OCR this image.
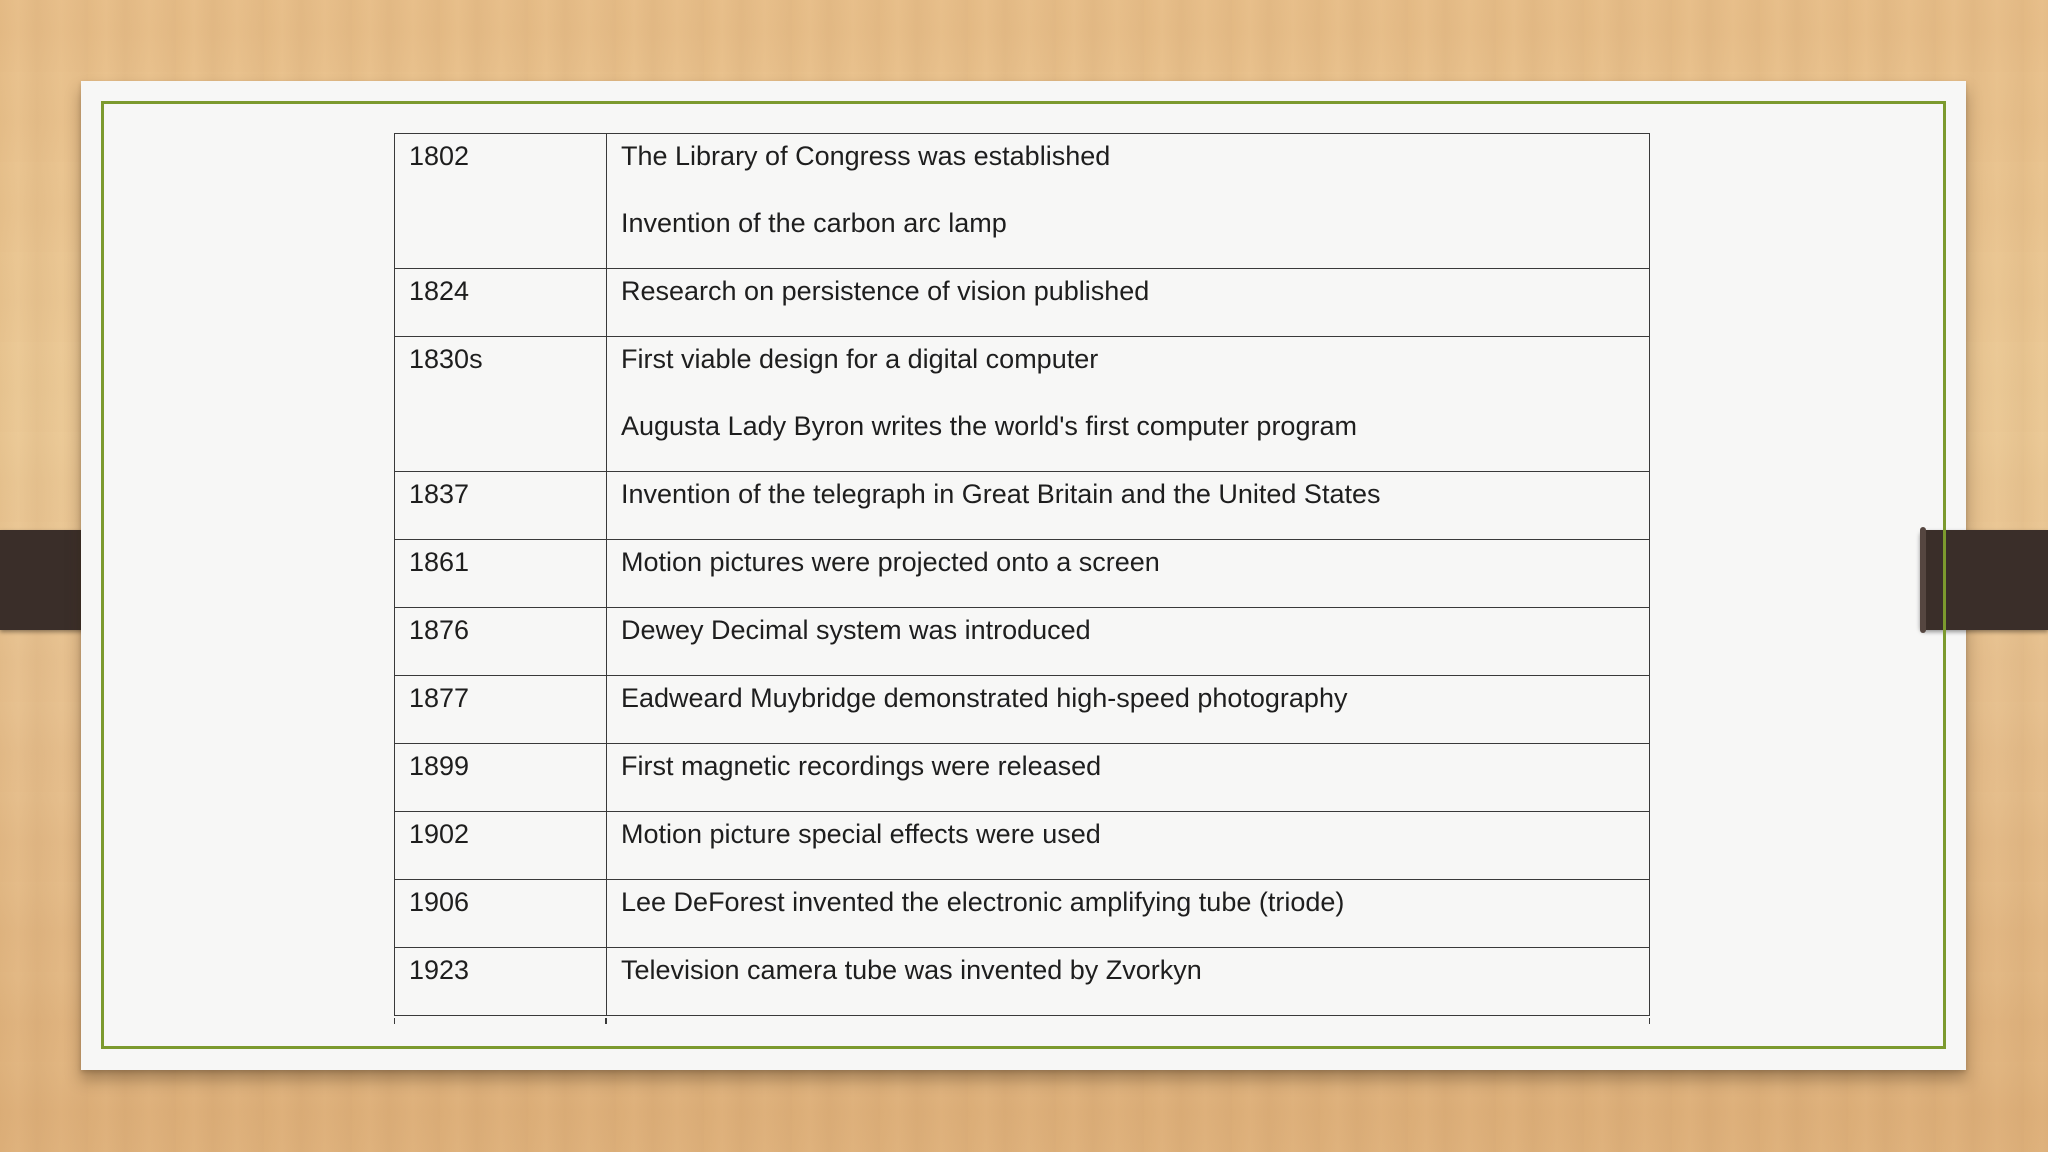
1802	The Library of Congress was established
Invention of the carbon arc lamp

1824	Research on persistence of vision published

1830s	First viable design for a digital computer
Augusta Lady Byron writes the world's first computer program

1837	Invention of the telegraph in Great Britain and the United States

1861	Motion pictures were projected onto a screen

1876	Dewey Decimal system was introduced

1877	Eadweard Muybridge demonstrated high-speed photography

1899	First magnetic recordings were released

1902	Motion picture special effects were used

1906	Lee DeForest invented the electronic amplifying tube (triode)

1923	Television camera tube was invented by Zvorkyn
